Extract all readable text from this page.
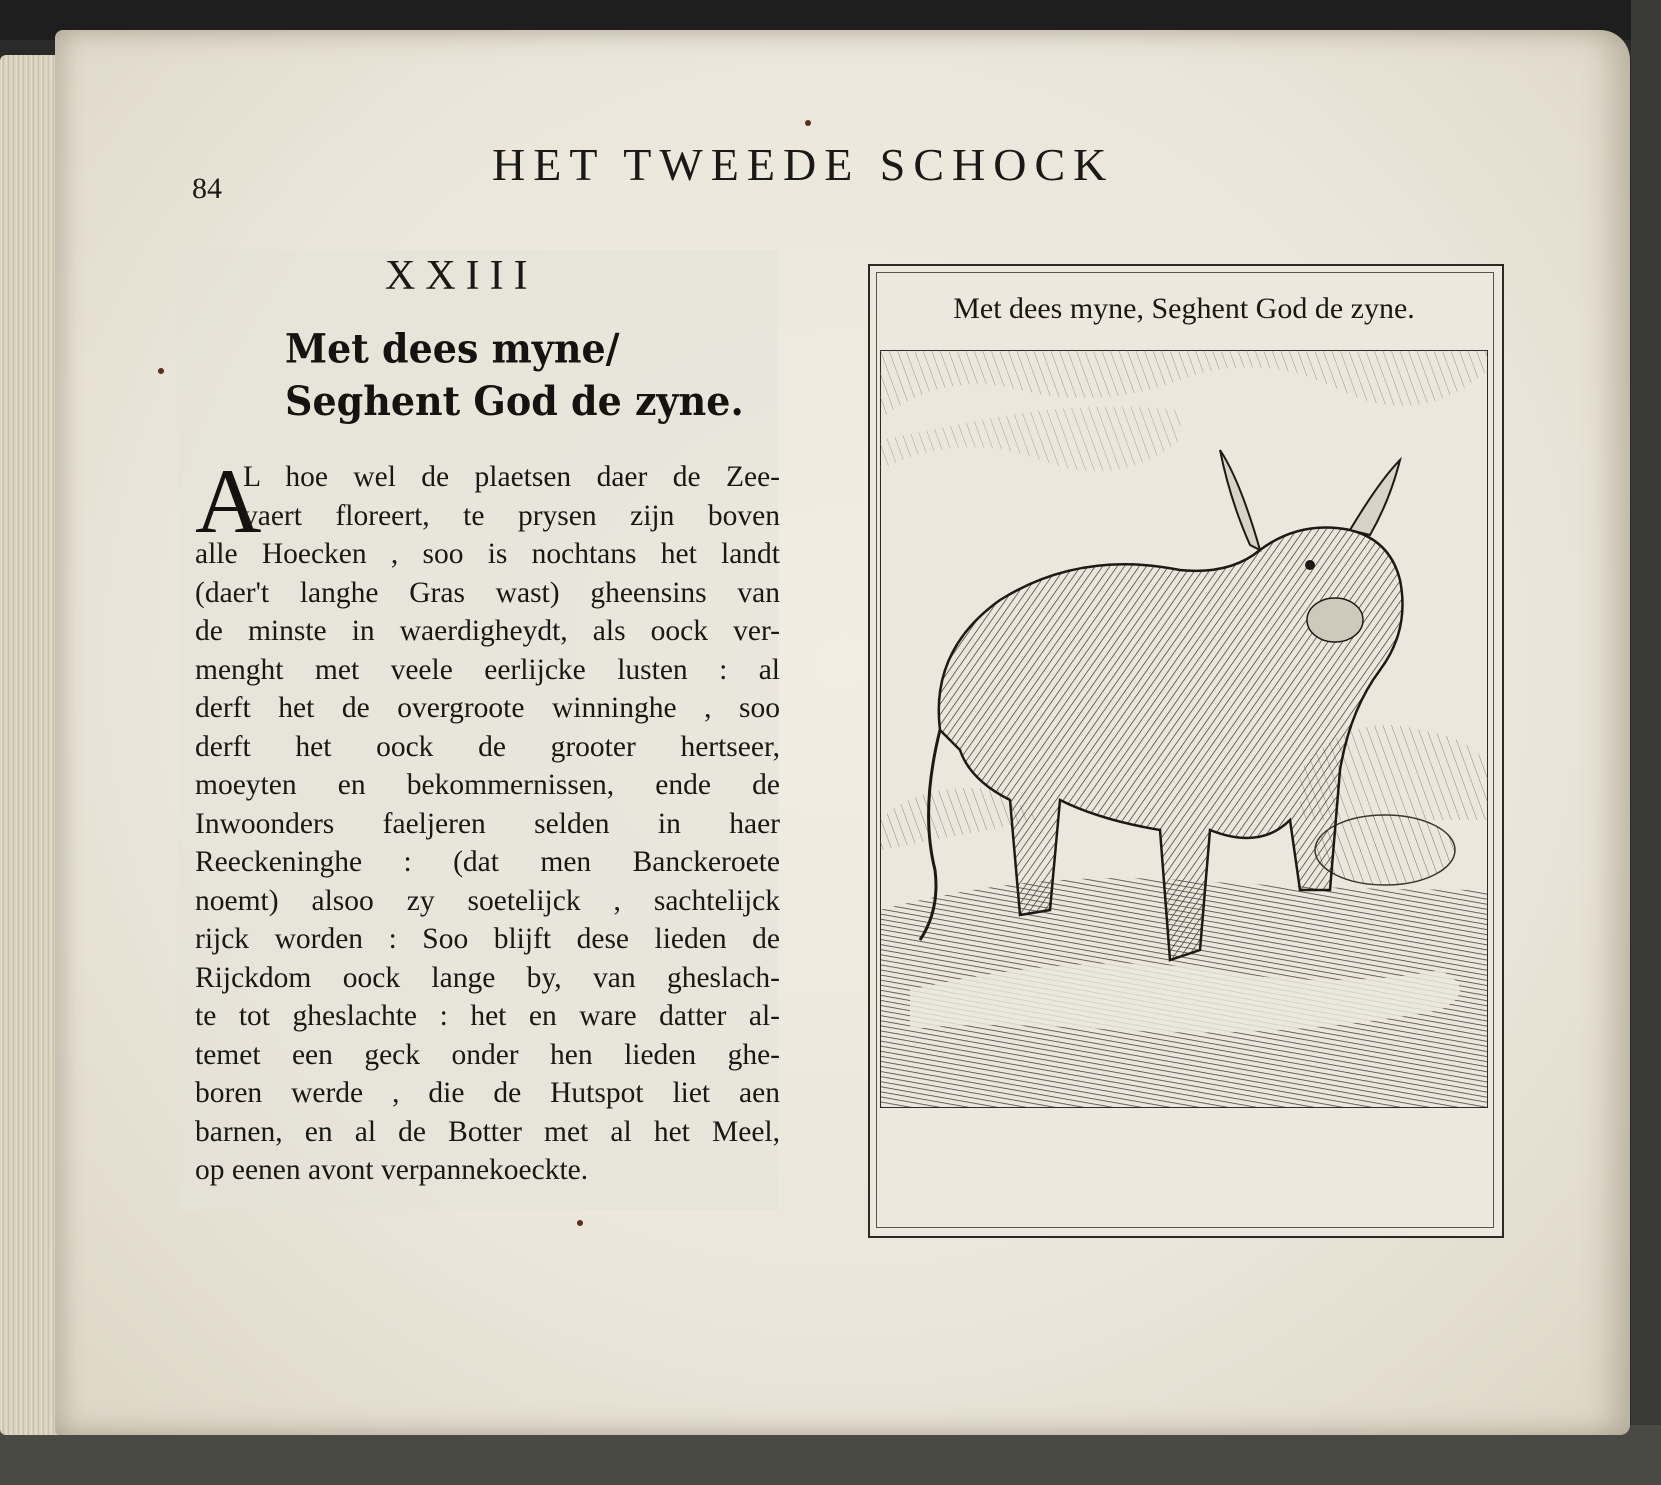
84	HET TWEEDE SCHOCK
XXIII
Met dees myne/
Seghent God de zyne.
A
L hoe wel de plaetsen daer de Zee-
vaert floreert, te prysen zijn boven
alle Hoecken , soo is nochtans het landt
(daer't langhe Gras wast) gheensins van
de minste in waerdigheydt, als oock ver-
menght met veele eerlijcke lusten : al
derft het de overgroote winninghe , soo
derft het oock de grooter hertseer,
moeyten en bekommernissen, ende de
Inwoonders faeljeren selden in haer
Reeckeninghe : (dat men Banckeroete
noemt) alsoo zy soetelijck , sachtelijck
rijck worden : Soo blijft dese lieden de
Rijckdom oock lange by, van gheslach-
te tot gheslachte : het en ware datter al-
temet een geck onder hen lieden ghe-
boren werde , die de Hutspot liet aen
barnen, en al de Botter met al het Meel,
op eenen avont verpannekoeckte.
Met dees myne, Seghent God de zyne.
